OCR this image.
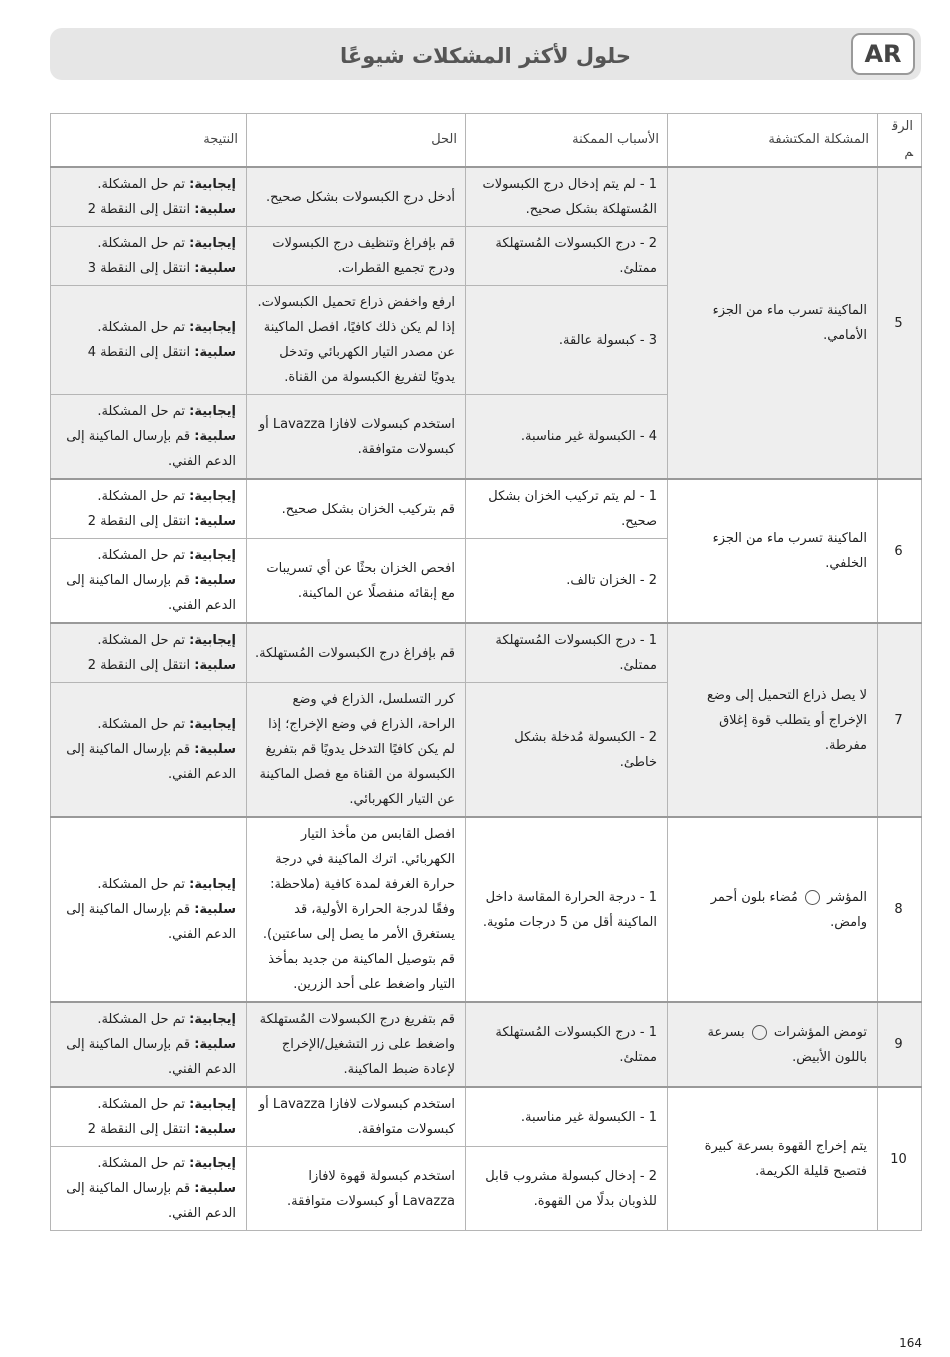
حلول لأكثر المشكلات شيوعًا	AR
الرقم	المشكلة المكتشفة	الأسباب الممكنة	الحل	النتيجة
5	الماكينة تسرب ماء من الجزء الأمامي.	1 - لم يتم إدخال درج الكبسولات المُستهلكة بشكل صحيح.	أدخل درج الكبسولات بشكل صحيح.	إيجابية: تم حل المشكلة.
سلبية: انتقل إلى النقطة 2

		2 - درج الكبسولات المُستهلكة ممتلئ.	قم بإفراغ وتنظيف درج الكبسولات ودرج تجميع القطرات.	إيجابية: تم حل المشكلة.
سلبية: انتقل إلى النقطة 3

		3 - كبسولة عالقة.	ارفع واخفض ذراع تحميل الكبسولات. إذا لم يكن ذلك كافيًا، افصل الماكينة عن مصدر التيار الكهربائي وتدخل يدويًا لتفريغ الكبسولة من القناة.	إيجابية: تم حل المشكلة.
سلبية: انتقل إلى النقطة 4

		4 - الكبسولة غير مناسبة.	استخدم كبسولات لافازا Lavazza أو كبسولات متوافقة.	إيجابية: تم حل المشكلة.
سلبية: قم بإرسال الماكينة إلى الدعم الفني.

6	الماكينة تسرب ماء من الجزء الخلفي.	1 - لم يتم تركيب الخزان بشكل صحيح.	قم بتركيب الخزان بشكل صحيح.	إيجابية: تم حل المشكلة.
سلبية: انتقل إلى النقطة 2

		2 - الخزان تالف.	افحص الخزان بحثًا عن أي تسريبات مع إبقائه منفصلًا عن الماكينة.	إيجابية: تم حل المشكلة.
سلبية: قم بإرسال الماكينة إلى الدعم الفني.

7	لا يصل ذراع التحميل إلى وضع الإخراج أو يتطلب قوة إغلاق مفرطة.	1 - درج الكبسولات المُستهلكة ممتلئ.	قم بإفراغ درج الكبسولات المُستهلكة.	إيجابية: تم حل المشكلة.
سلبية: انتقل إلى النقطة 2

		2 - الكبسولة مُدخلة بشكل خاطئ.	كرر التسلسل، الذراع في وضع الراحة، الذراع في وضع الإخراج؛ إذا لم يكن كافيًا التدخل يدويًا قم بتفريغ الكبسولة من القناة مع فصل الماكينة عن التيار الكهربائي.	إيجابية: تم حل المشكلة.
سلبية: قم بإرسال الماكينة إلى الدعم الفني.

8	المؤشر  مُضاء بلون أحمر وامض.	1 - درجة الحرارة المقاسة داخل الماكينة أقل من 5 درجات مئوية.	افصل القابس من مأخذ التيار الكهربائي. اترك الماكينة في درجة حرارة الغرفة لمدة كافية (ملاحظة: وفقًا لدرجة الحرارة الأولية، قد يستغرق الأمر ما يصل إلى ساعتين). قم بتوصيل الماكينة من جديد بمأخذ التيار واضغط على أحد الزرين.	إيجابية: تم حل المشكلة.
سلبية: قم بإرسال الماكينة إلى الدعم الفني.

9	تومض المؤشرات  بسرعة باللون الأبيض.	1 - درج الكبسولات المُستهلكة ممتلئ.	قم بتفريغ درج الكبسولات المُستهلكة واضغط على زر التشغيل/الإخراج لإعادة ضبط الماكينة.	إيجابية: تم حل المشكلة.
سلبية: قم بإرسال الماكينة إلى الدعم الفني.

10	يتم إخراج القهوة بسرعة كبيرة فتصبح قليلة الكريمة.	1 - الكبسولة غير مناسبة.	استخدم كبسولات لافازا Lavazza أو كبسولات متوافقة.	إيجابية: تم حل المشكلة.
سلبية: انتقل إلى النقطة 2

		2 - إدخال كبسولة مشروب قابل للذوبان بدلًا من القهوة.	استخدم كبسولة قهوة لافازا Lavazza أو كبسولات متوافقة.	إيجابية: تم حل المشكلة.
سلبية: قم بإرسال الماكينة إلى الدعم الفني.
164
